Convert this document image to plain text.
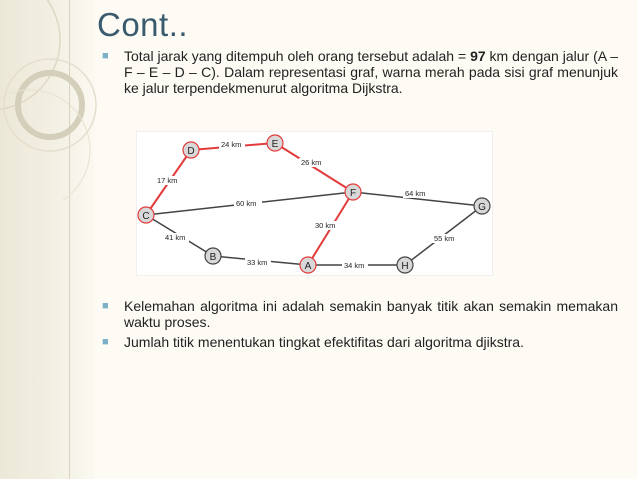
Cont..
■ Total jarak yang ditempuh oleh orang tersebut adalah = 97 km dengan jalur (A – F – E – D – C). Dalam representasi graf, warna merah pada sisi graf menunjuk ke jalur terpendekmenurut algoritma Dijkstra.
24 km
26 km
17 km
60 km
64 km
30 km
41 km
33 km	34 km
55 km
D
E
F
C
G
B
A	H
■ Kelemahan algoritma ini adalah semakin banyak titik akan semakin memakan waktu proses.
■ Jumlah titik menentukan tingkat efektifitas dari algoritma djikstra.
